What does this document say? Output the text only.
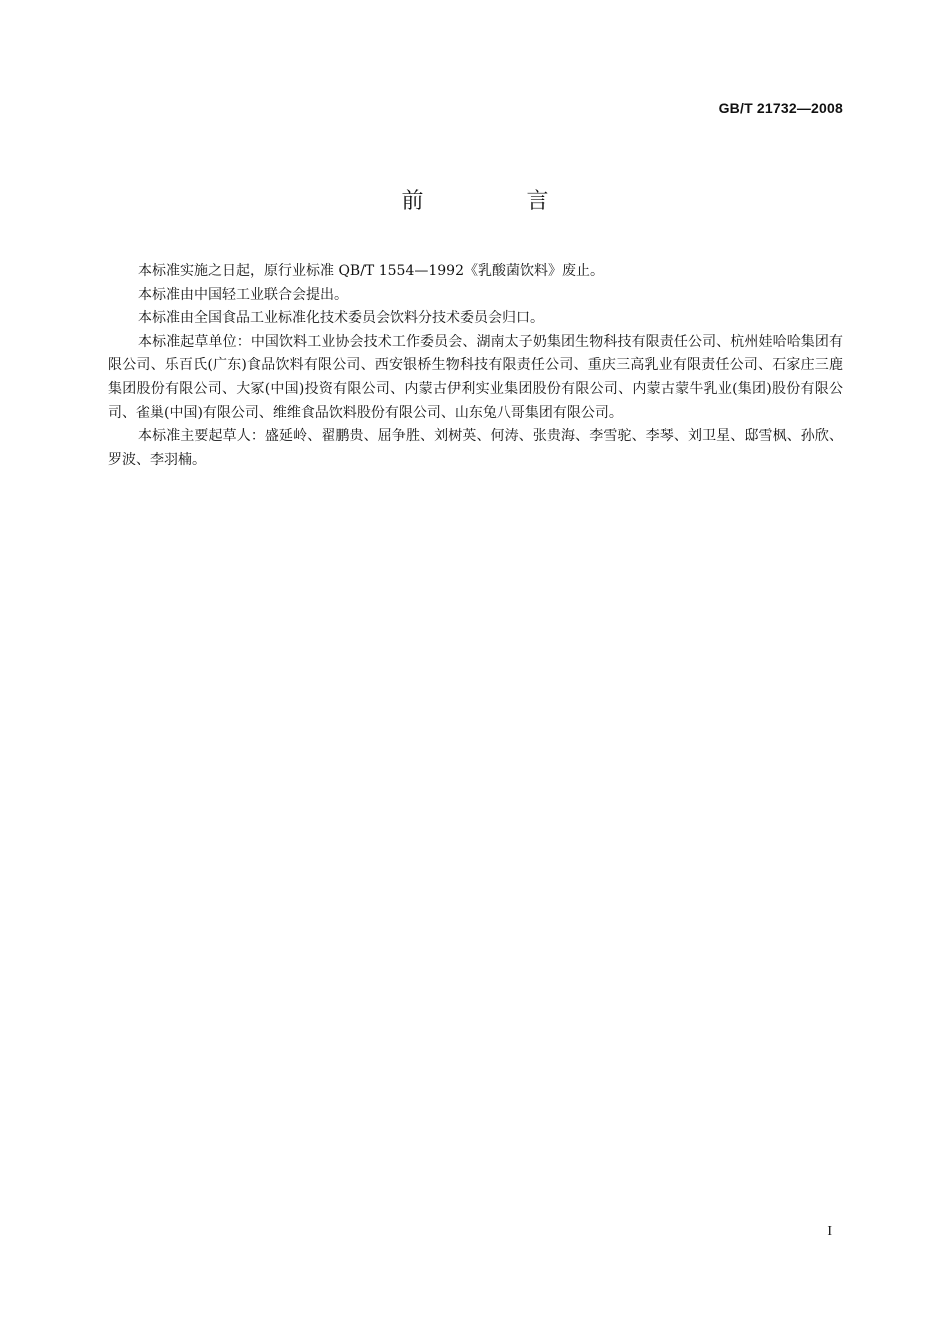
GB/T 21732—2008
前 言

本标准实施之日起，原行业标准 QB/T 1554—1992《乳酸菌饮料》废止。

本标准由中国轻工业联合会提出。

本标准由全国食品工业标准化技术委员会饮料分技术委员会归口。

本标准起草单位：中国饮料工业协会技术工作委员会、湖南太子奶集团生物科技有限责任公司、杭州娃哈哈集团有限公司、乐百氏(广东)食品饮料有限公司、西安银桥生物科技有限责任公司、重庆三高乳业有限责任公司、石家庄三鹿集团股份有限公司、大冢(中国)投资有限公司、内蒙古伊利实业集团股份有限公司、内蒙古蒙牛乳业(集团)股份有限公司、雀巢(中国)有限公司、维维食品饮料股份有限公司、山东兔八哥集团有限公司。

本标准主要起草人：盛延岭、翟鹏贵、屈争胜、刘树英、何涛、张贵海、李雪驼、李琴、刘卫星、邸雪枫、孙欣、罗波、李羽楠。

I
